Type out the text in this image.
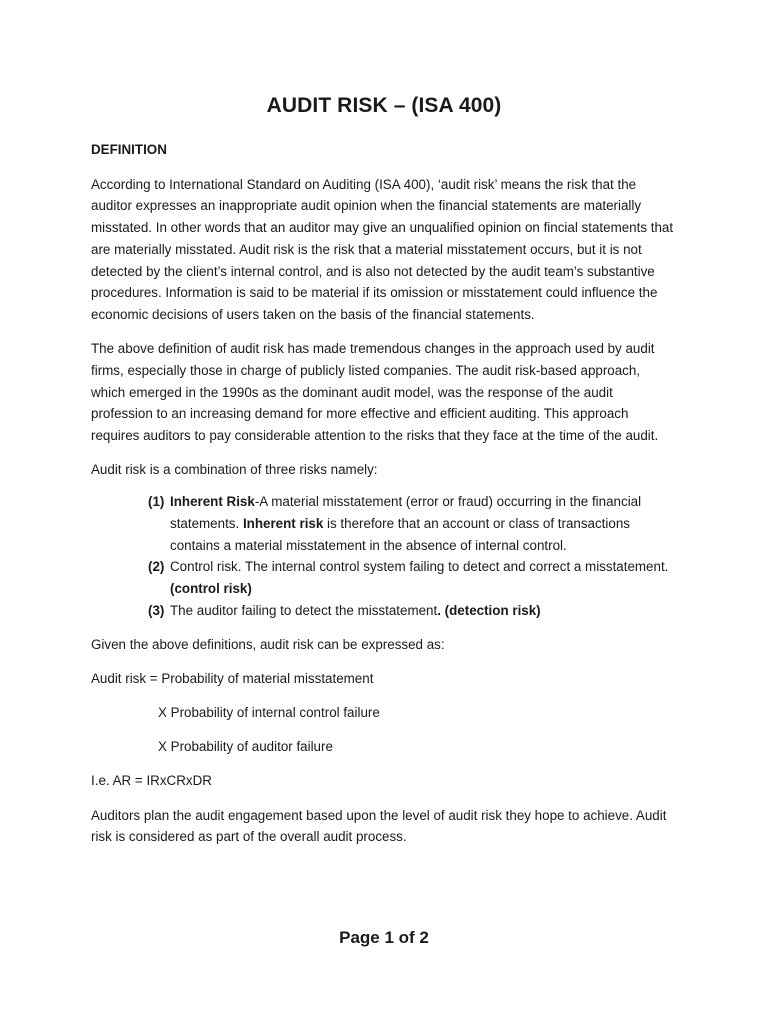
AUDIT RISK – (ISA 400)
DEFINITION

According to International Standard on Auditing (ISA 400), ‘audit risk’ means the risk that the auditor expresses an inappropriate audit opinion when the financial statements are materially misstated. In other words that an auditor may give an unqualified opinion on fincial statements that are materially misstated. Audit risk is the risk that a material misstatement occurs, but it is not detected by the client’s internal control, and is also not detected by the audit team’s substantive procedures. Information is said to be material if its omission or misstatement could influence the economic decisions of users taken on the basis of the financial statements.

The above definition of audit risk has made tremendous changes in the approach used by audit firms, especially those in charge of publicly listed companies. The audit risk-based approach, which emerged in the 1990s as the dominant audit model, was the response of the audit profession to an increasing demand for more effective and efficient auditing. This approach requires auditors to pay considerable attention to the risks that they face at the time of the audit.

Audit risk is a combination of three risks namely:

(1) Inherent Risk-A material misstatement (error or fraud) occurring in the financial statements. Inherent risk is therefore that an account or class of transactions contains a material misstatement in the absence of internal control.
(2) Control risk. The internal control system failing to detect and correct a misstatement. (control risk)
(3) The auditor failing to detect the misstatement. (detection risk)

Given the above definitions, audit risk can be expressed as:

Audit risk = Probability of material misstatement

X Probability of internal control failure

X Probability of auditor failure

I.e. AR = IRxCRxDR

Auditors plan the audit engagement based upon the level of audit risk they hope to achieve. Audit risk is considered as part of the overall audit process.

Page 1 of 2
